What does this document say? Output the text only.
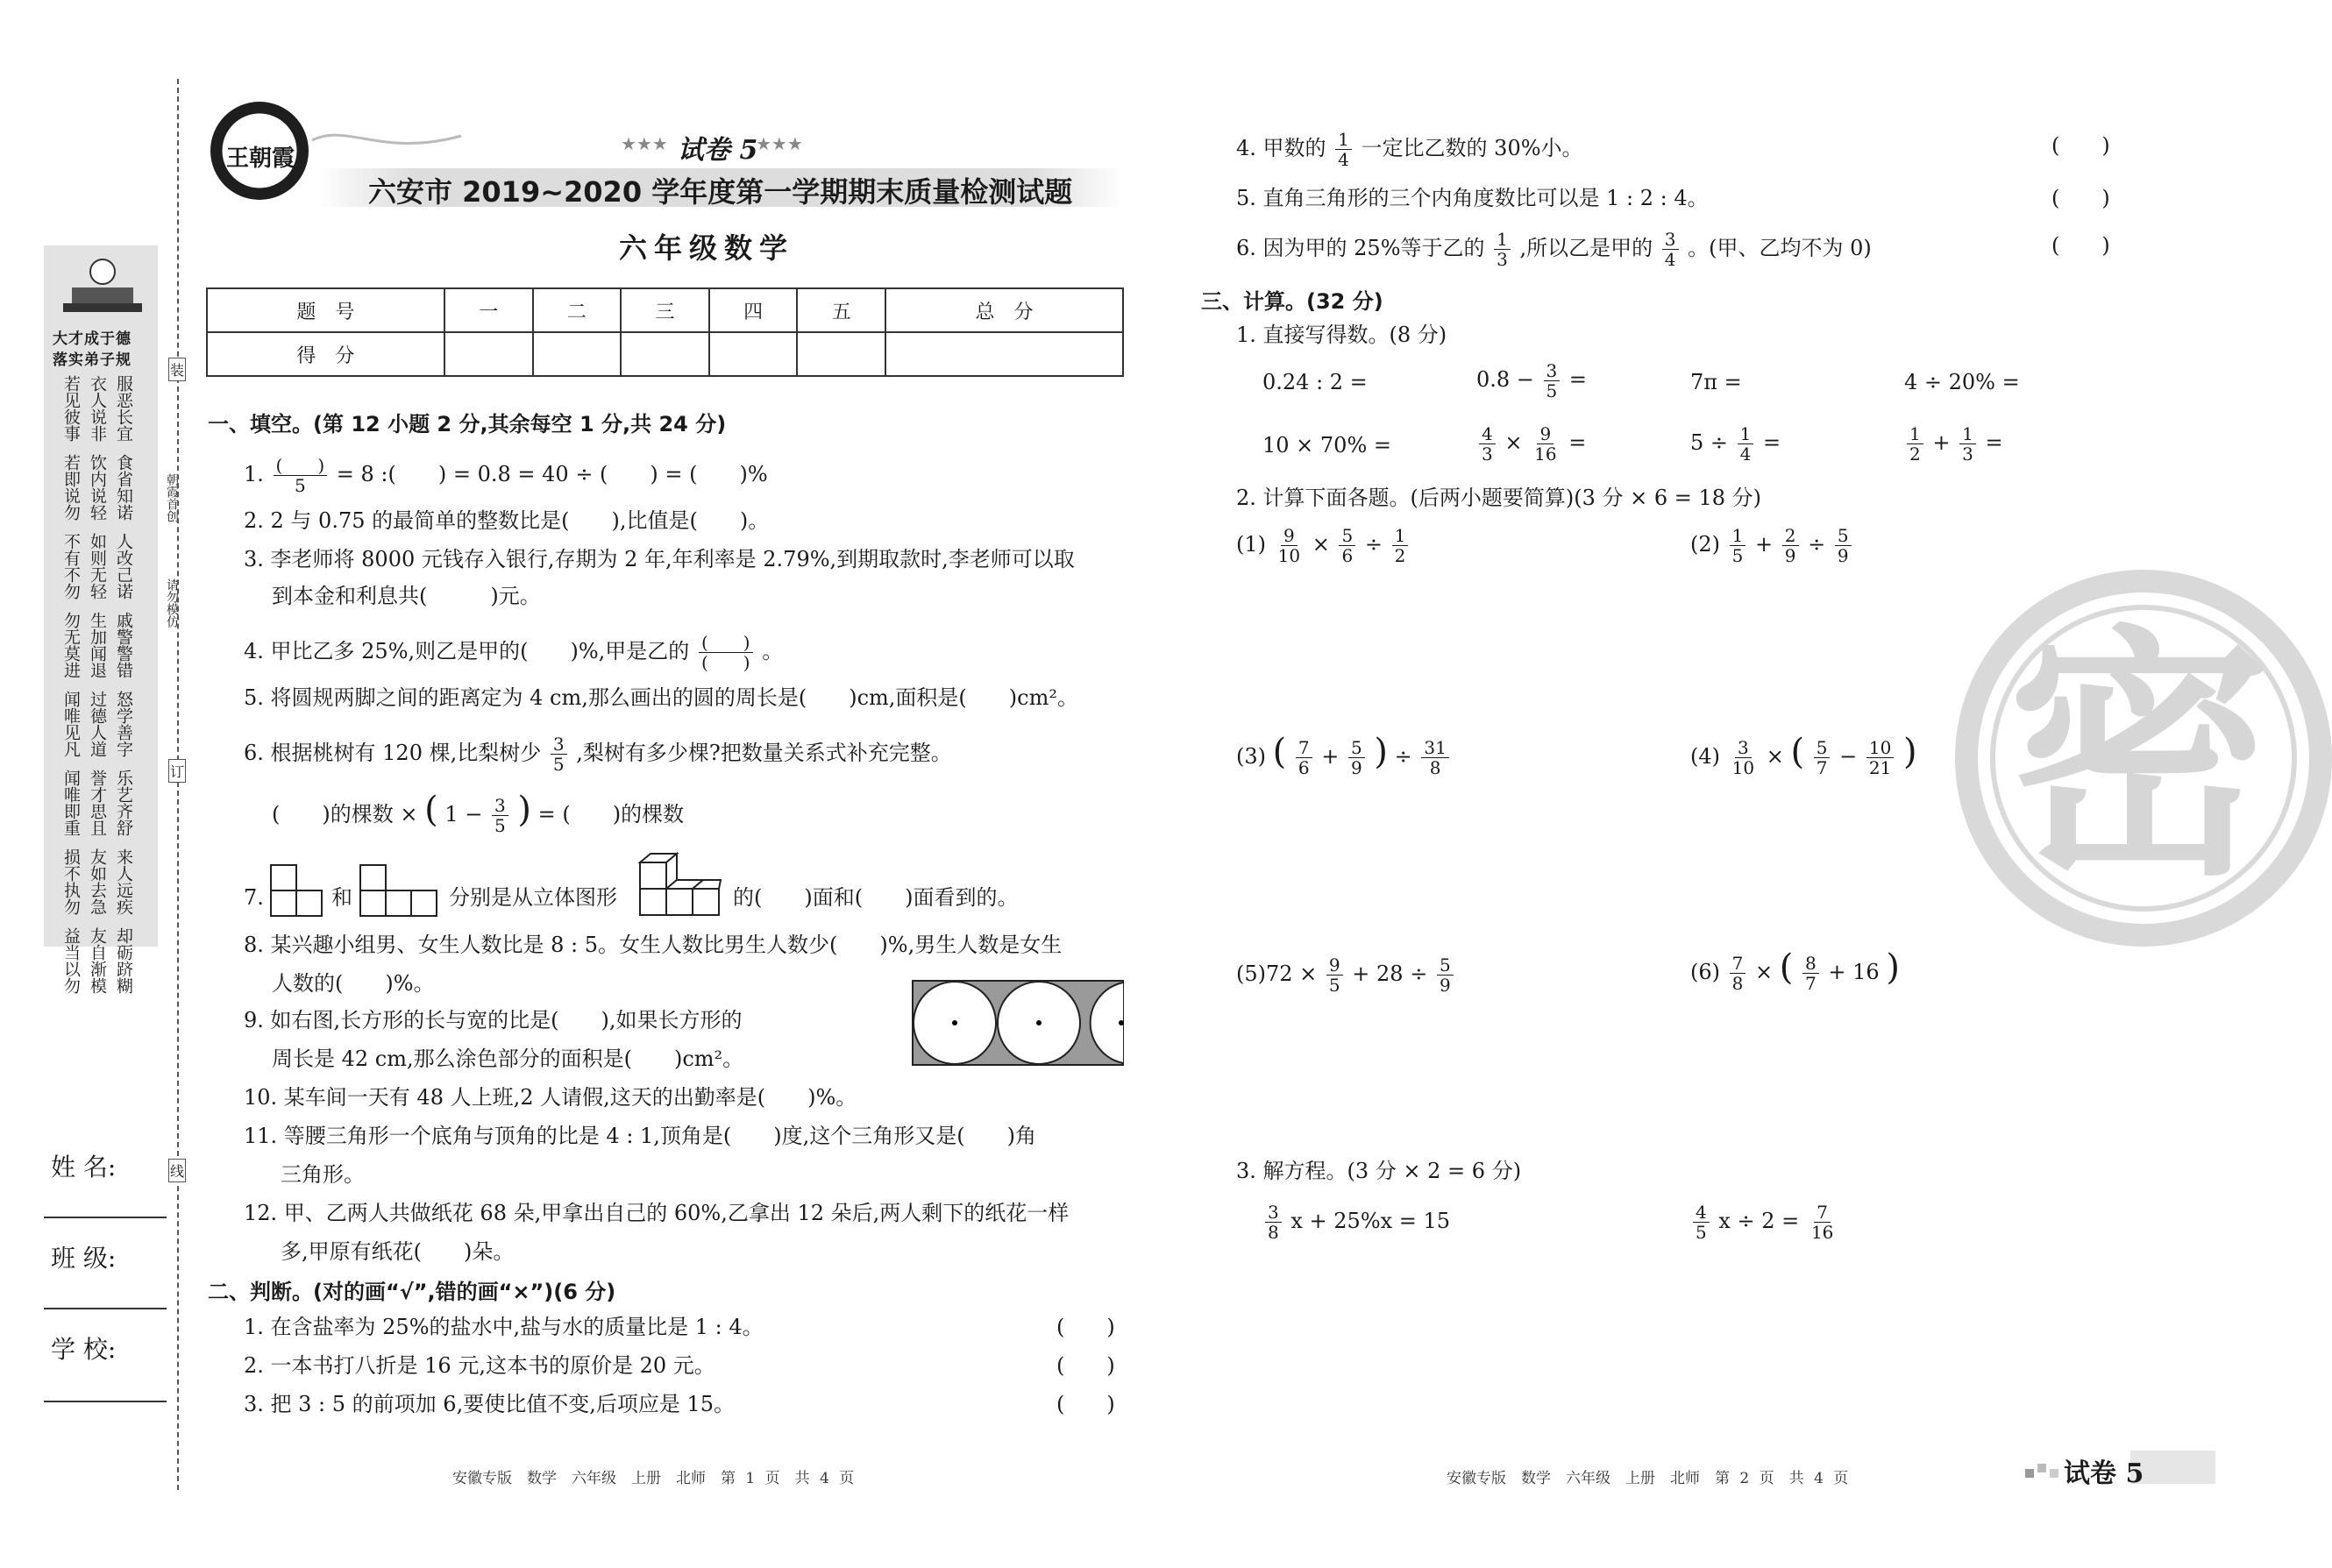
大才成于德
落实弟子规
若见彼事 衣人说非 服恶长宜
若即说勿 饮内说轻 食省知诺
不有不勿 如则无轻 人改己诺
勿无莫进 生加闻退 戚警警错
闻唯见凡 过德人道 怒学善字
闻唯即重 誉才思且 乐艺齐舒
损不执勿 友如去急 来人远疾
益当以勿 友自渐模 却砺跻糊
朝霞首创
请勿模仿
装
订
线
姓 名:
班 级:
学 校:
王朝霞
★★★ 试卷 5
★★★
六安市 2019~2020 学年度第一学期期末质量检测试题
六年级数学
题　号	一	二	三	四	五	总　分
得　分						
一、填空。(第 12 小题 2 分,其余每空 1 分,共 24 分)
1. $\frac{( )}{5} = 8$ :(　　) = 0.8 = 40 ÷ (　　) = (　　)%
2. 2 与 0.75 的最简单的整数比是(　　),比值是(　　)。
3. 李老师将 8000 元钱存入银行,存期为 2 年,年利率是 2.79%,到期取款时,李老师可以取
到本金和利息共(　　　)元。
4. 甲比乙多 25%,则乙是甲的(　　)%,甲是乙的 $\frac{( )}{( )}$ 。
5. 将圆规两脚之间的距离定为 4 cm,那么画出的圆的周长是(　　)cm,面积是(　　)cm²。
6. 根据桃树有 120 棵,比梨树少 $\frac{3}{5}$ ,梨树有多少棵?把数量关系式补充完整。
(　　)的棵数 × ( $1 - \frac{3}{5}$ ) = (　　)的棵数
7.	和	分别是从立体图形	的(　　)面和(　　)面看到的。
8. 某兴趣小组男、女生人数比是 8 : 5。女生人数比男生人数少(　　)%,男生人数是女生
人数的(　　)%。
9. 如右图,长方形的长与宽的比是(　　),如果长方形的
周长是 42 cm,那么涂色部分的面积是(　　)cm²。
10. 某车间一天有 48 人上班,2 人请假,这天的出勤率是(　　)%。
11. 等腰三角形一个底角与顶角的比是 4 : 1,顶角是(　　)度,这个三角形又是(　　)角
三角形。
12. 甲、乙两人共做纸花 68 朵,甲拿出自己的 60%,乙拿出 12 朵后,两人剩下的纸花一样
多,甲原有纸花(　　)朵。
二、判断。(对的画“√”,错的画“×”)(6 分)
1. 在含盐率为 25%的盐水中,盐与水的质量比是 1 : 4。	(　　)
2. 一本书打八折是 16 元,这本书的原价是 20 元。	(　　)
3. 把 3 : 5 的前项加 6,要使比值不变,后项应是 15。	(　　)
安徽专版　数学　六年级　上册　北师　第 1 页　共 4 页
4. 甲数的 $\frac{1}{4}$ 一定比乙数的 30%小。	(　　)
5. 直角三角形的三个内角度数比可以是 1 : 2 : 4。	(　　)
6. 因为甲的 25%等于乙的 $\frac{1}{3}$ ,所以乙是甲的 $\frac{3}{4}$ 。(甲、乙均不为 0)	(　　)
三、计算。(32 分)
1. 直接写得数。(8 分)
0.24 : 2 =	$0.8 - \frac{3}{5}$ =	7π =	4 ÷ 20% =
10 × 70% =	$\frac{4}{3} \times \frac{9}{16}$ =	$5 \div \frac{1}{4}$ =	$\frac{1}{2} + \frac{1}{3}$ =
2. 计算下面各题。(后两小题要简算)(3 分 × 6 = 18 分)
$(1) \frac{9}{10} \times \frac{5}{6} \div \frac{1}{2}$	$(2) \frac{1}{5} + \frac{2}{9} \div \frac{5}{9}$
(3) ( $\frac{7}{6} + \frac{5}{9}$ ) ÷ $\frac{31}{8}$	$(4) \frac{3}{10}$ × ( $\frac{5}{7} - \frac{10}{21}$ )
$(5)72 \times \frac{9}{5} + 28 \div \frac{5}{9}$	$(6) \frac{7}{8}$ × ( $\frac{8}{7} + 16$ )
3. 解方程。(3 分 × 2 = 6 分)
$\frac{3}{8}$ x + 25%x = 15	$\frac{4}{5}$ $x \div 2 = \frac{7}{16}$
密
安徽专版　数学　六年级　上册　北师　第 2 页　共 4 页	试卷 5
